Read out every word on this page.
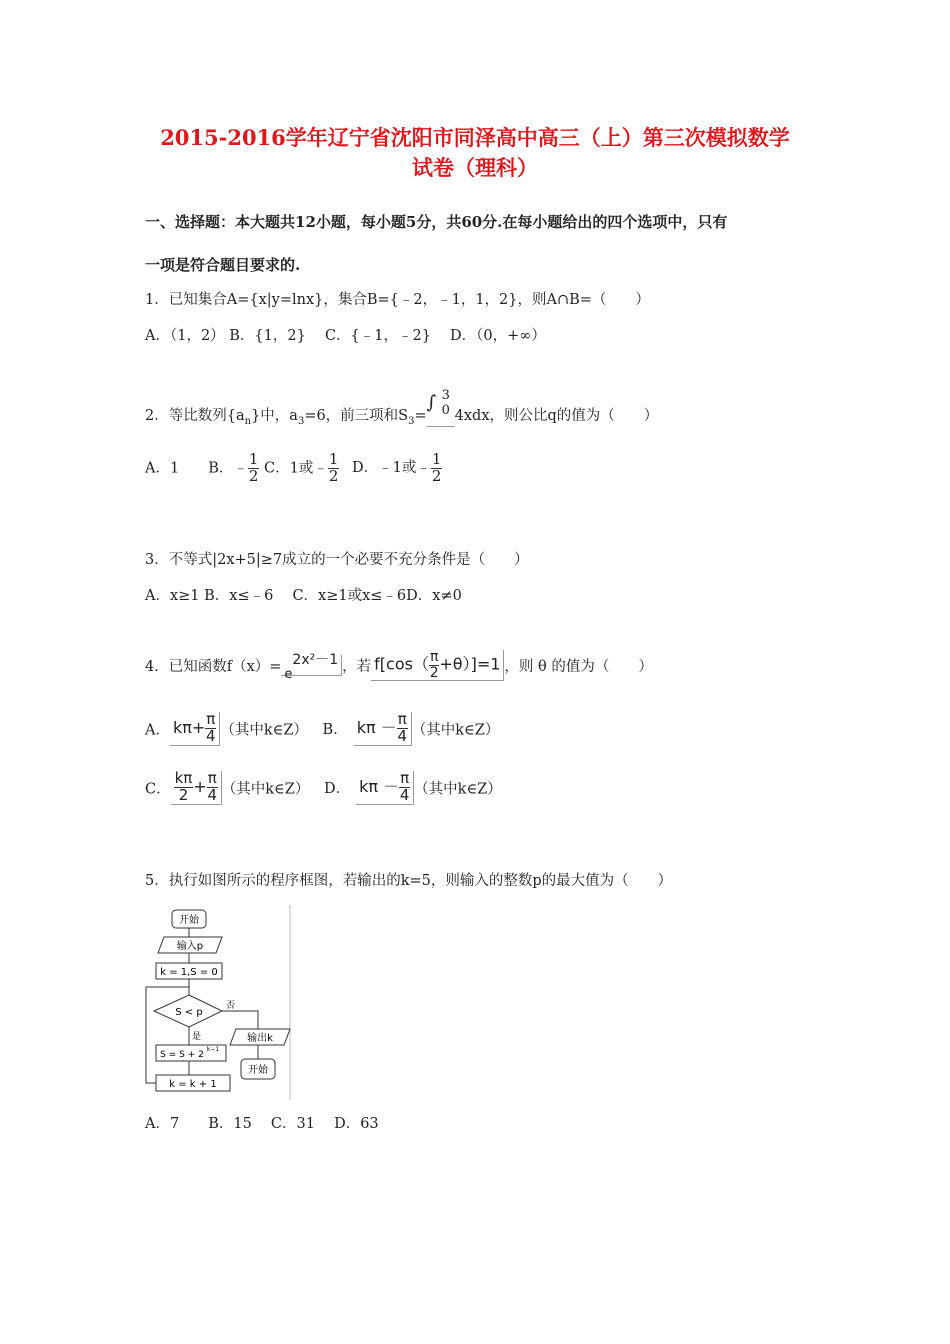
2015-2016学年辽宁省沈阳市同泽高中高三（上）第三次模拟数学
试卷（理科）
一、选择题：本大题共12小题，每小题5分，共60分.在每小题给出的四个选项中，只有
一项是符合题目要求的.
1．已知集合A={x|y=lnx}，集合B={﹣2，﹣1，1，2}，则A∩B=（　　）
A．（1，2） B．{1，2}　 C．{﹣1，﹣2}　 D．（0，+∞）
2．等比数列$\{a_n\}$中，$a_3=6$，前三项和$S_3=$
∫ 3
0 4xdx，则公比q的值为（　　）
A．1　　B．﹣ $\frac{1}{2}$ C．1或﹣ $\frac{1}{2}$ D．﹣1或﹣ $\frac{1}{2}$
3．不等式|2x+5|≥7成立的一个必要不充分条件是（　　）
A．x≥1 B．x≤﹣6　 C．x≥1或x≤﹣6D．x≠0
4．已知函数f（x）= $_e$2x²－1 ，若 $f[\cos( \frac{\pi}{2} +\theta)]=1$ ，则 θ 的值为（　　）
A． $k\pi+ \frac{\pi}{4}$ （其中k∈Z） B． $k\pi - \frac{\pi}{4}$ （其中k∈Z）
C． $\frac{k\pi}{2} + \frac{\pi}{4}$ （其中k∈Z） D． $k\pi - \frac{\pi}{4}$ （其中k∈Z）
5．执行如图所示的程序框图，若输出的k=5，则输入的整数p的最大值为（　　）
开始
输入p
k = 1,S = 0
S < p
否
是
S = S + 2
k−1
k = k + 1
输出k
开始
A．7　　B．15　 C．31　 D．63
